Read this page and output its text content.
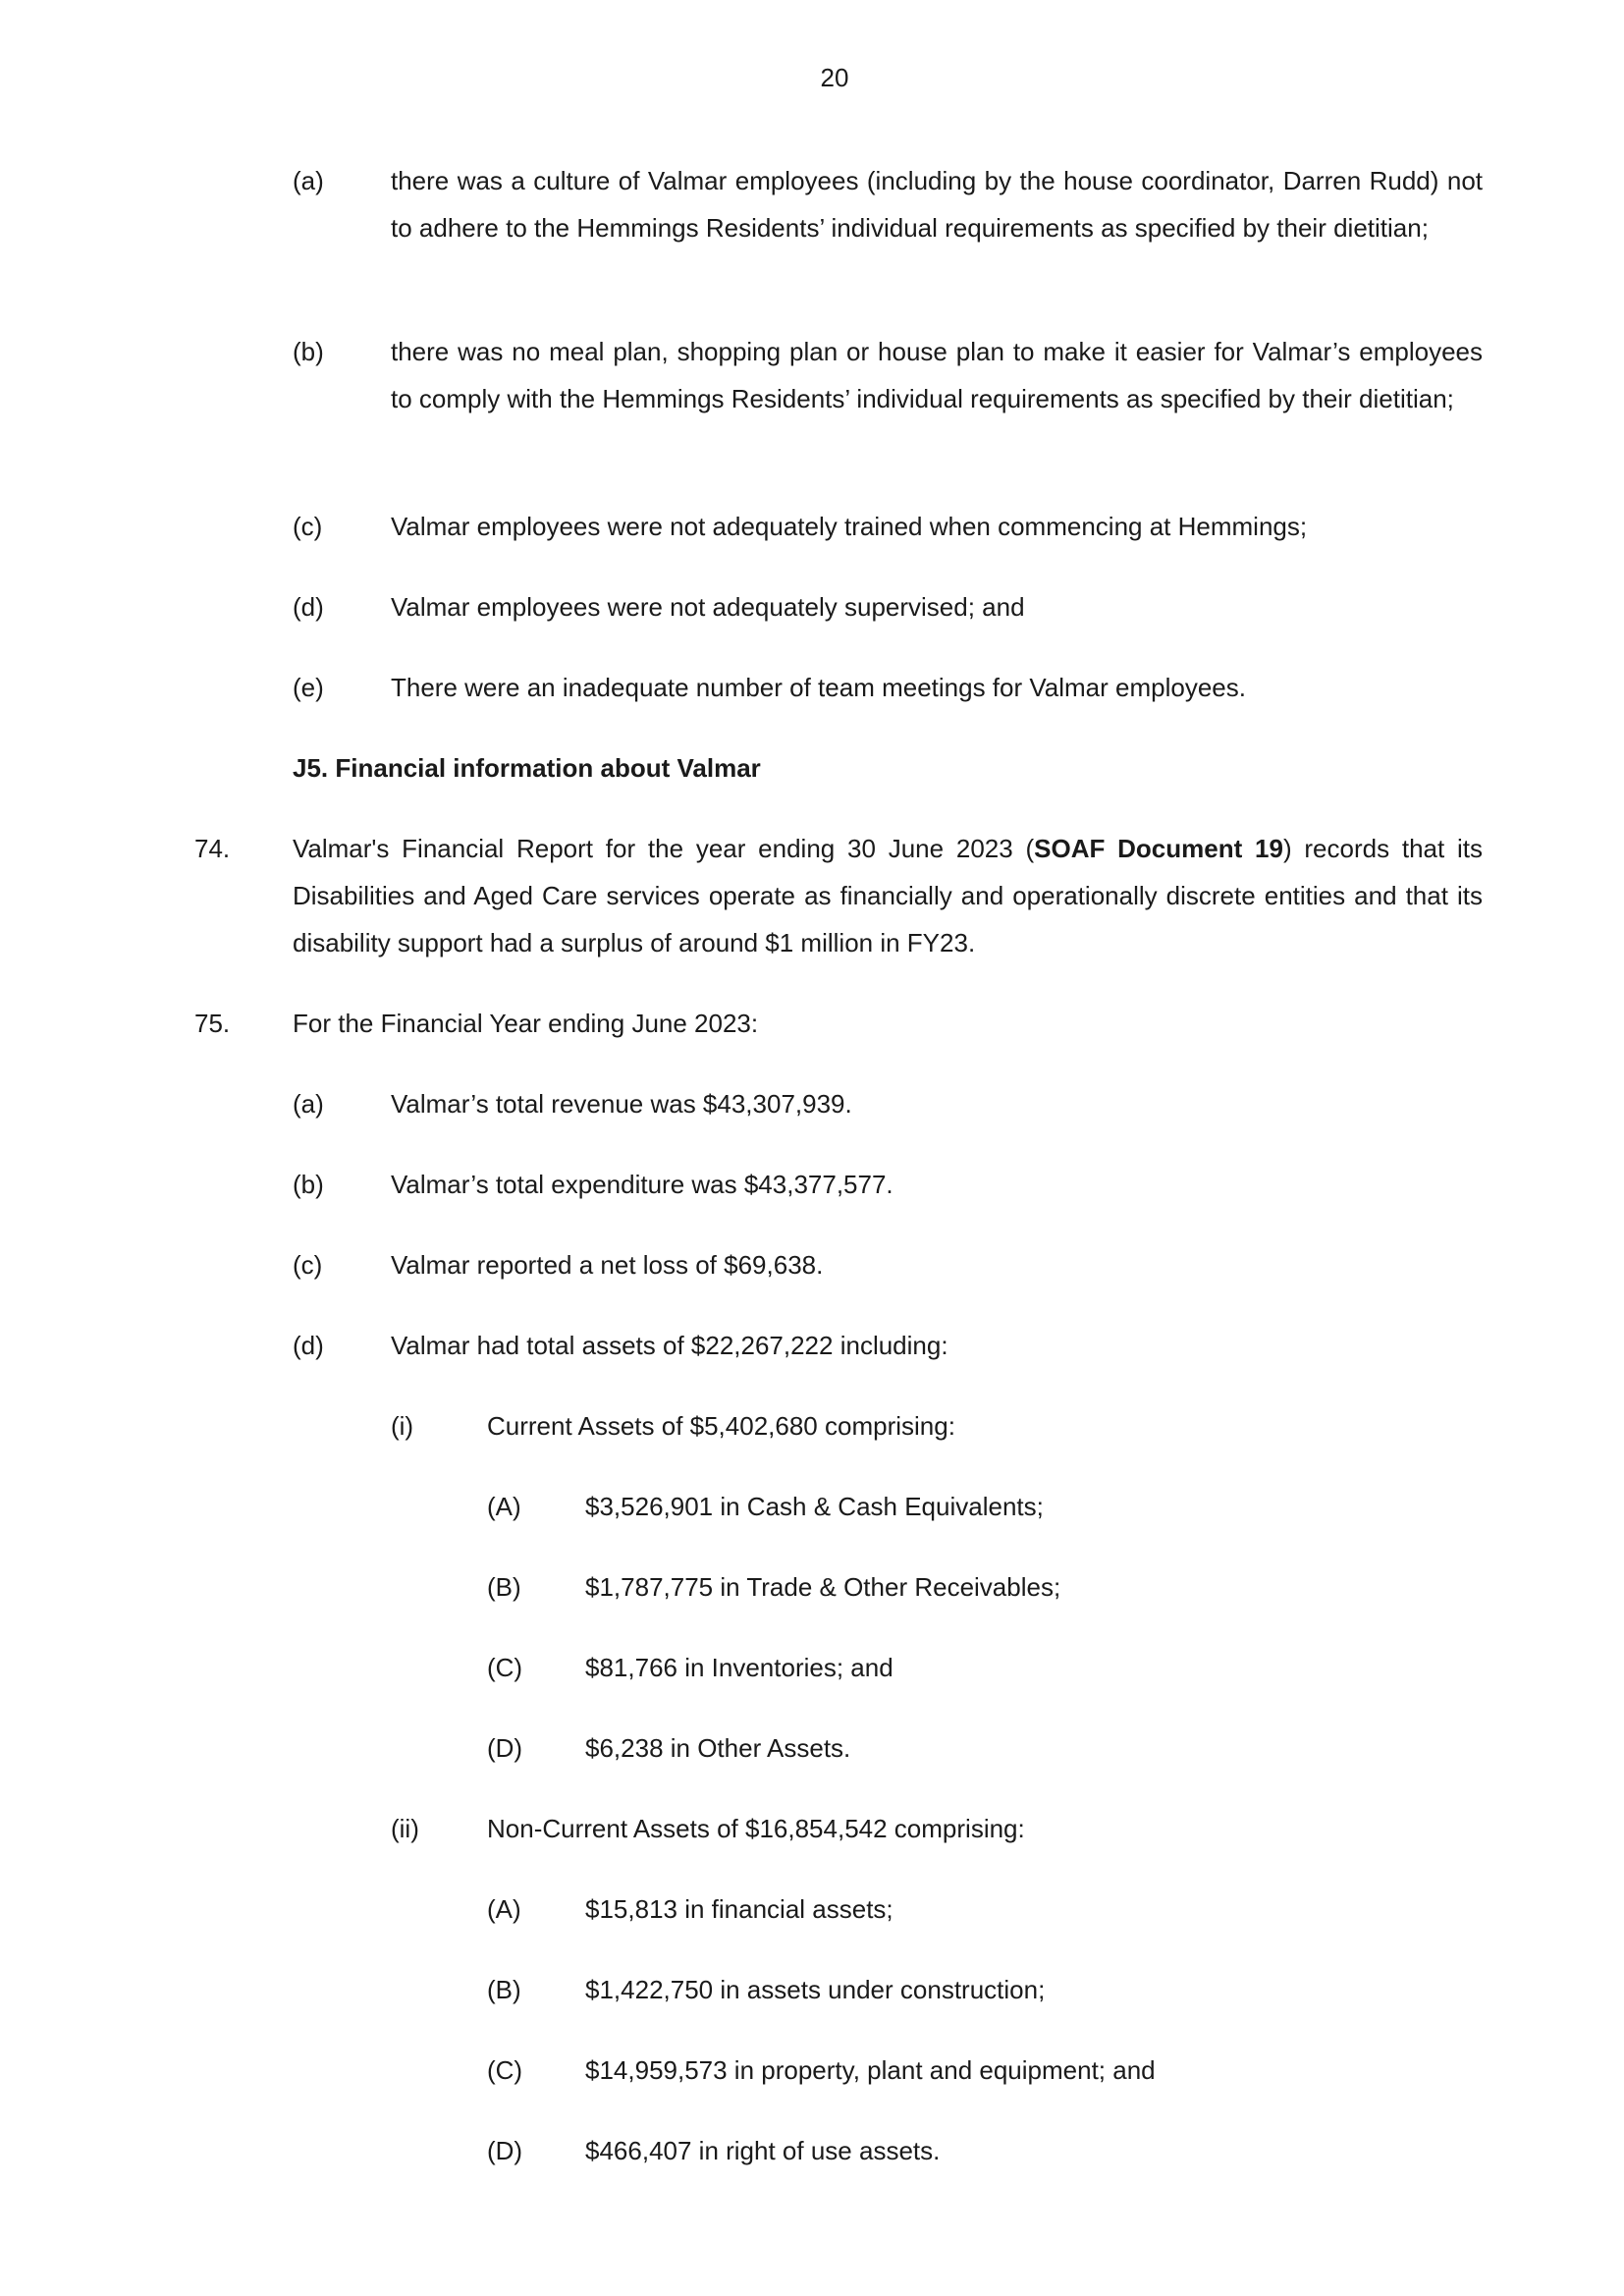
20
(a)	there was a culture of Valmar employees (including by the house coordinator, Darren Rudd) not to adhere to the Hemmings Residents’ individual requirements as specified by their dietitian;
(b)	there was no meal plan, shopping plan or house plan to make it easier for Valmar’s employees to comply with the Hemmings Residents’ individual requirements as specified by their dietitian;
(c)	Valmar employees were not adequately trained when commencing at Hemmings;
(d)	Valmar employees were not adequately supervised; and
(e)	There were an inadequate number of team meetings for Valmar employees.
J5. Financial information about Valmar
74. Valmar's Financial Report for the year ending 30 June 2023 (SOAF Document 19) records that its Disabilities and Aged Care services operate as financially and operationally discrete entities and that its disability support had a surplus of around $1 million in FY23.
75. For the Financial Year ending June 2023:
(a)	Valmar’s total revenue was $43,307,939.
(b)	Valmar’s total expenditure was $43,377,577.
(c)	Valmar reported a net loss of $69,638.
(d)	Valmar had total assets of $22,267,222 including:
(i)	Current Assets of $5,402,680 comprising:
(A)	$3,526,901 in Cash & Cash Equivalents;
(B)	$1,787,775 in Trade & Other Receivables;
(C) $81,766 in Inventories; and
(D) $6,238 in Other Assets.
(ii)	Non-Current Assets of $16,854,542 comprising:
(A)	$15,813 in financial assets;
(B)	$1,422,750 in assets under construction;
(C) $14,959,573 in property, plant and equipment; and
(D) $466,407 in right of use assets.
